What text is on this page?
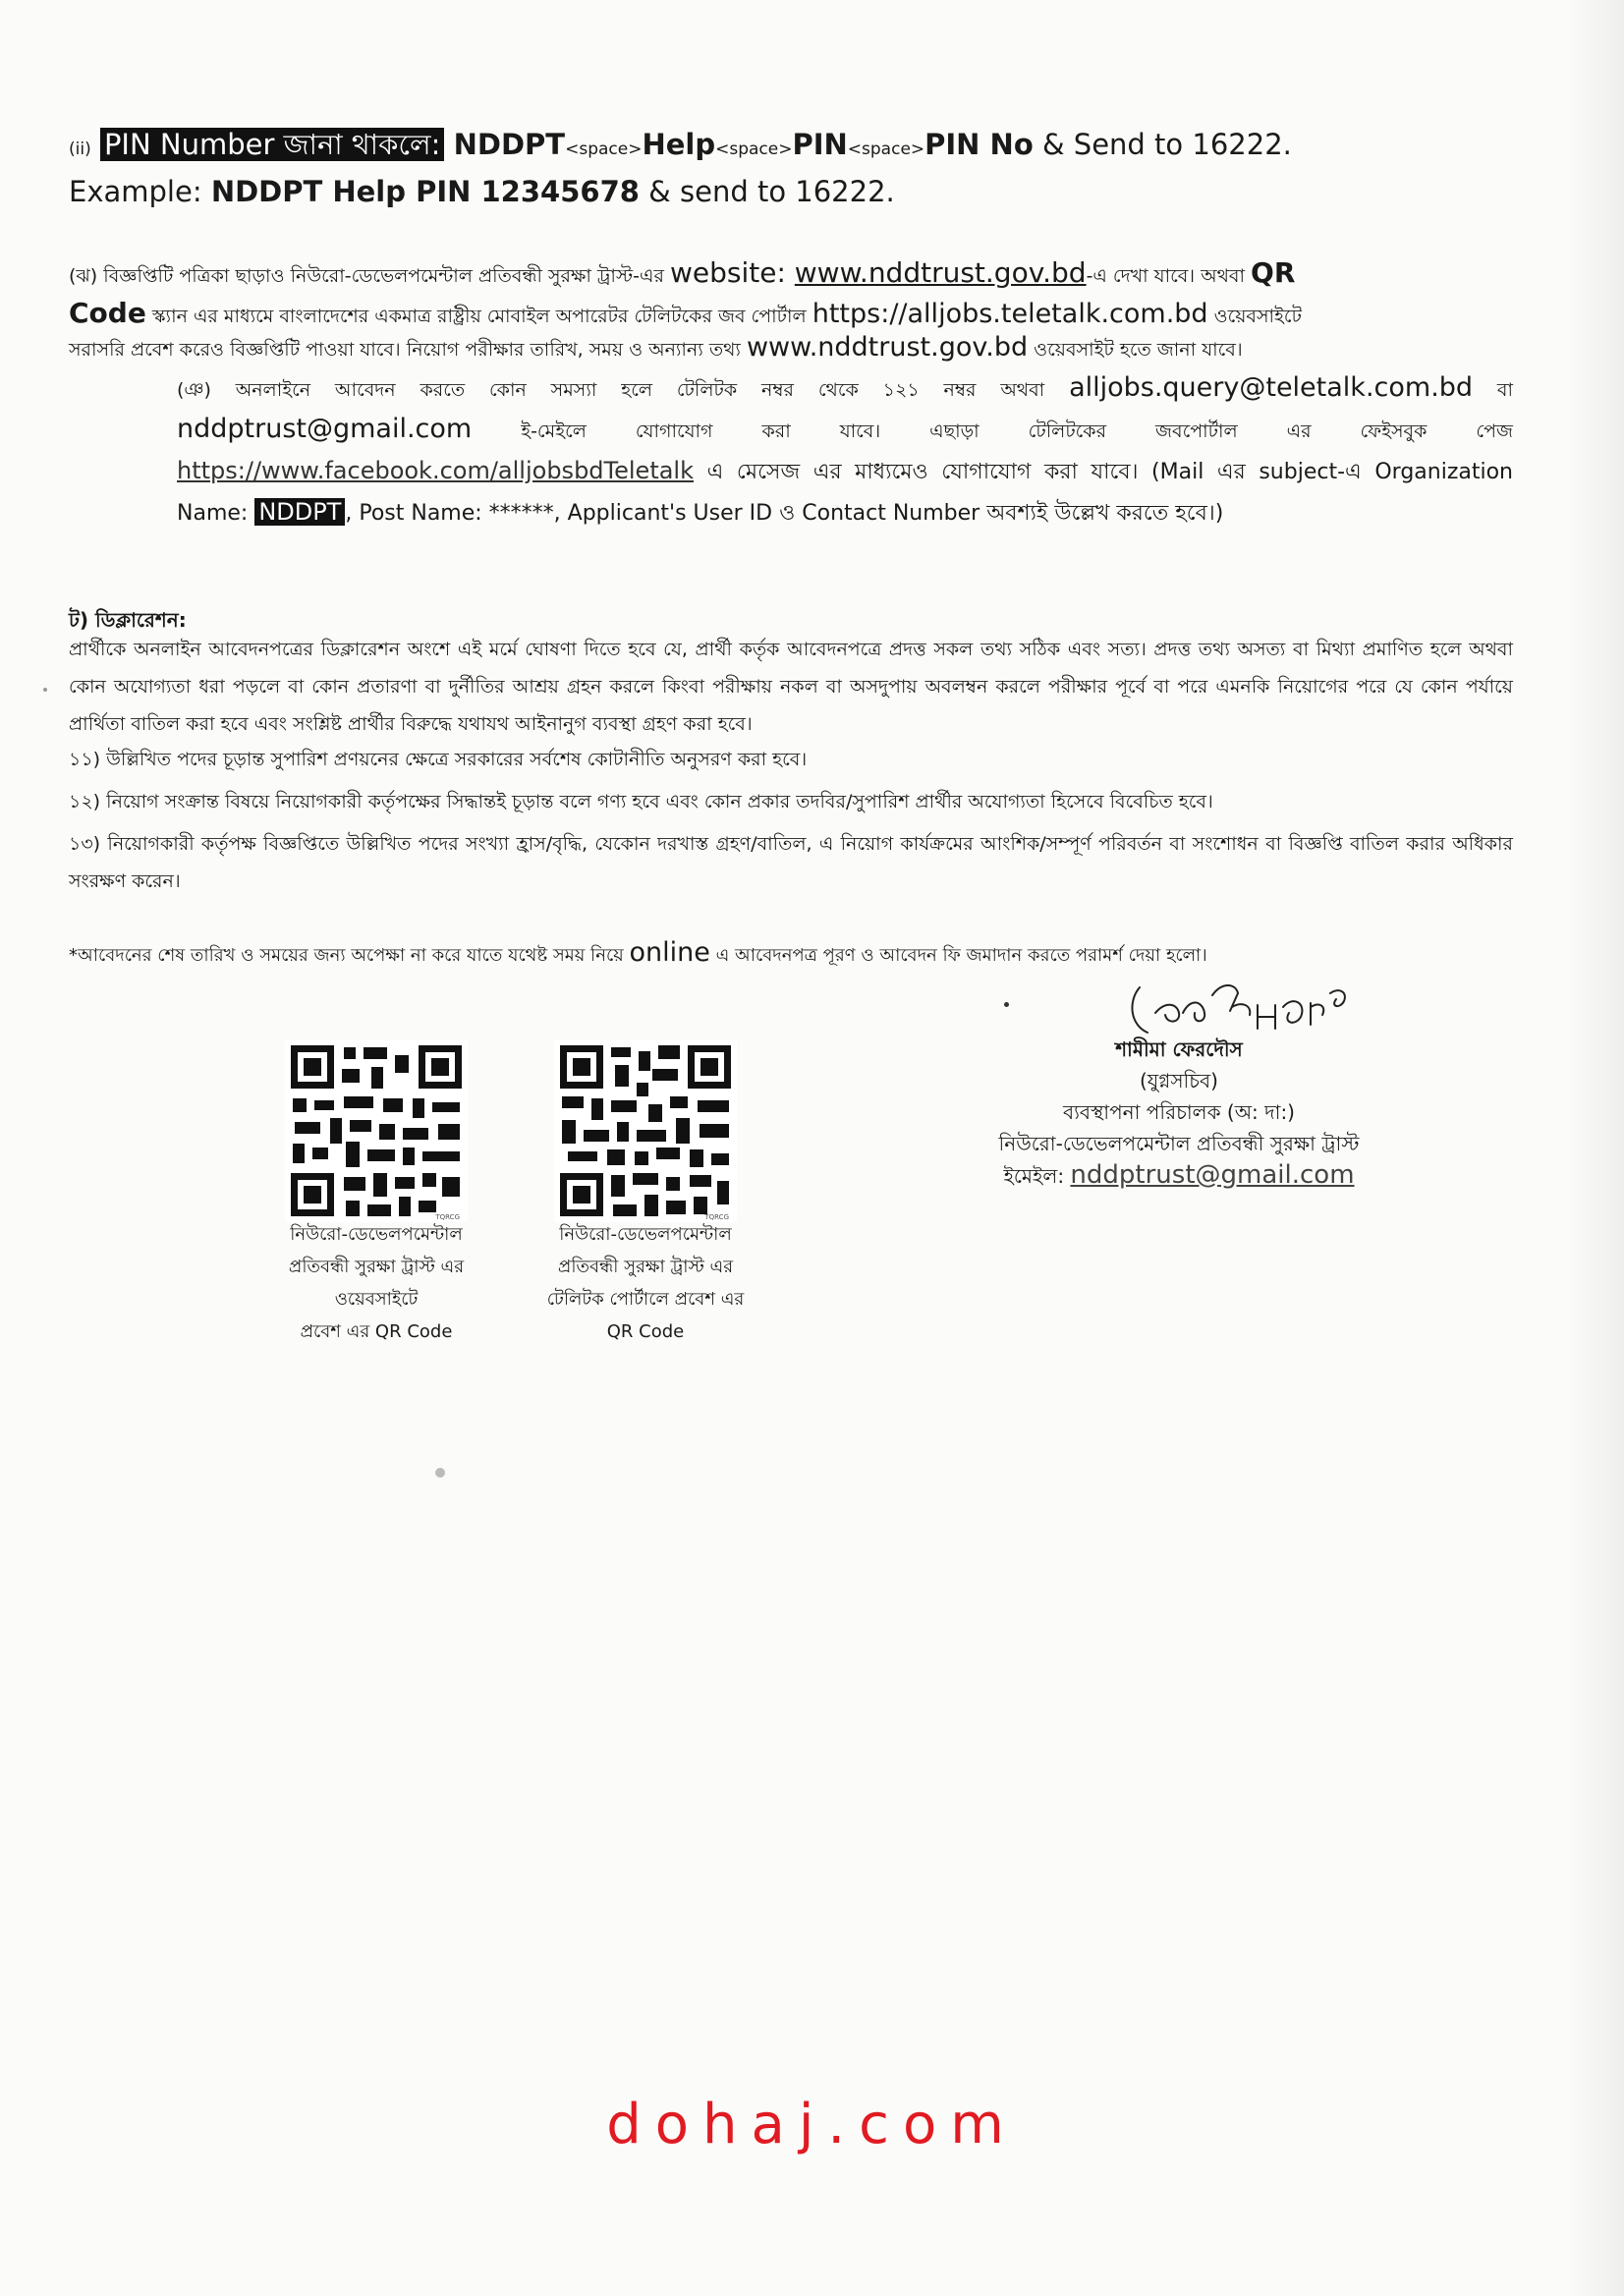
(ii) PIN Number জানা থাকলে: NDDPT<space>Help<space>PIN<space>PIN No & Send to 16222.
Example: NDDPT Help PIN 12345678 & send to 16222.
(ঝ) বিজ্ঞপ্তিটি পত্রিকা ছাড়াও নিউরো-ডেভেলপমেন্টাল প্রতিবন্ধী সুরক্ষা ট্রাস্ট-এর website: www.nddtrust.gov.bd-এ দেখা যাবে। অথবা QR
Code স্ক্যান এর মাধ্যমে বাংলাদেশের একমাত্র রাষ্ট্রীয় মোবাইল অপারেটর টেলিটকের জব পোর্টাল https://alljobs.teletalk.com.bd ওয়েবসাইটে
সরাসরি প্রবেশ করেও বিজ্ঞপ্তিটি পাওয়া যাবে। নিয়োগ পরীক্ষার তারিখ, সময় ও অন্যান্য তথ্য www.nddtrust.gov.bd ওয়েবসাইট হতে জানা যাবে।
(ঞ) অনলাইনে আবেদন করতে কোন সমস্যা হলে টেলিটক নম্বর থেকে ১২১ নম্বর অথবা alljobs.query@teletalk.com.bd বা nddptrust@gmail.com ই-মেইলে যোগাযোগ করা যাবে। এছাড়া টেলিটকের জবপোর্টাল এর ফেইসবুক পেজ https://www.facebook.com/alljobsbdTeletalk এ মেসেজ এর মাধ্যমেও যোগাযোগ করা যাবে। (Mail এর subject-এ Organization Name: NDDPT , Post Name: ******, Applicant's User ID ও Contact Number অবশ্যই উল্লেখ করতে হবে।)
ট) ডিক্লারেশন:
প্রার্থীকে অনলাইন আবেদনপত্রের ডিক্লারেশন অংশে এই মর্মে ঘোষণা দিতে হবে যে, প্রার্থী কর্তৃক আবেদনপত্রে প্রদত্ত সকল তথ্য সঠিক এবং সত্য। প্রদত্ত তথ্য অসত্য বা মিথ্যা প্রমাণিত হলে অথবা কোন অযোগ্যতা ধরা পড়লে বা কোন প্রতারণা বা দুর্নীতির আশ্রয় গ্রহন করলে কিংবা পরীক্ষায় নকল বা অসদুপায় অবলম্বন করলে পরীক্ষার পূর্বে বা পরে এমনকি নিয়োগের পরে যে কোন পর্যায়ে প্রার্থিতা বাতিল করা হবে এবং সংশ্লিষ্ট প্রার্থীর বিরুদ্ধে যথাযথ আইনানুগ ব্যবস্থা গ্রহণ করা হবে।
১১) উল্লিখিত পদের চূড়ান্ত সুপারিশ প্রণয়নের ক্ষেত্রে সরকারের সর্বশেষ কোটানীতি অনুসরণ করা হবে।
১২) নিয়োগ সংক্রান্ত বিষয়ে নিয়োগকারী কর্তৃপক্ষের সিদ্ধান্তই চূড়ান্ত বলে গণ্য হবে এবং কোন প্রকার তদবির/সুপারিশ প্রার্থীর অযোগ্যতা হিসেবে বিবেচিত হবে।
১৩) নিয়োগকারী কর্তৃপক্ষ বিজ্ঞপ্তিতে উল্লিখিত পদের সংখ্যা হ্রাস/বৃদ্ধি, যেকোন দরখাস্ত গ্রহণ/বাতিল, এ নিয়োগ কার্যক্রমের আংশিক/সম্পূর্ণ পরিবর্তন বা সংশোধন বা বিজ্ঞপ্তি বাতিল করার অধিকার সংরক্ষণ করেন।
*আবেদনের শেষ তারিখ ও সময়ের জন্য অপেক্ষা না করে যাতে যথেষ্ট সময় নিয়ে online এ আবেদনপত্র পূরণ ও আবেদন ফি জমাদান করতে পরামর্শ দেয়া হলো।
TQRCG
নিউরো-ডেভেলপমেন্টাল
প্রতিবন্ধী সুরক্ষা ট্রাস্ট এর
ওয়েবসাইটে
প্রবেশ এর QR Code
TQRCG
নিউরো-ডেভেলপমেন্টাল
প্রতিবন্ধী সুরক্ষা ট্রাস্ট এর
টেলিটক পোর্টালে প্রবেশ এর
QR Code
শামীমা ফেরদৌস
(যুগ্নসচিব)
ব্যবস্থাপনা পরিচালক (অ: দা:)
নিউরো-ডেভেলপমেন্টাল প্রতিবন্ধী সুরক্ষা ট্রাস্ট
ইমেইল: nddptrust@gmail.com
dohaj.com
